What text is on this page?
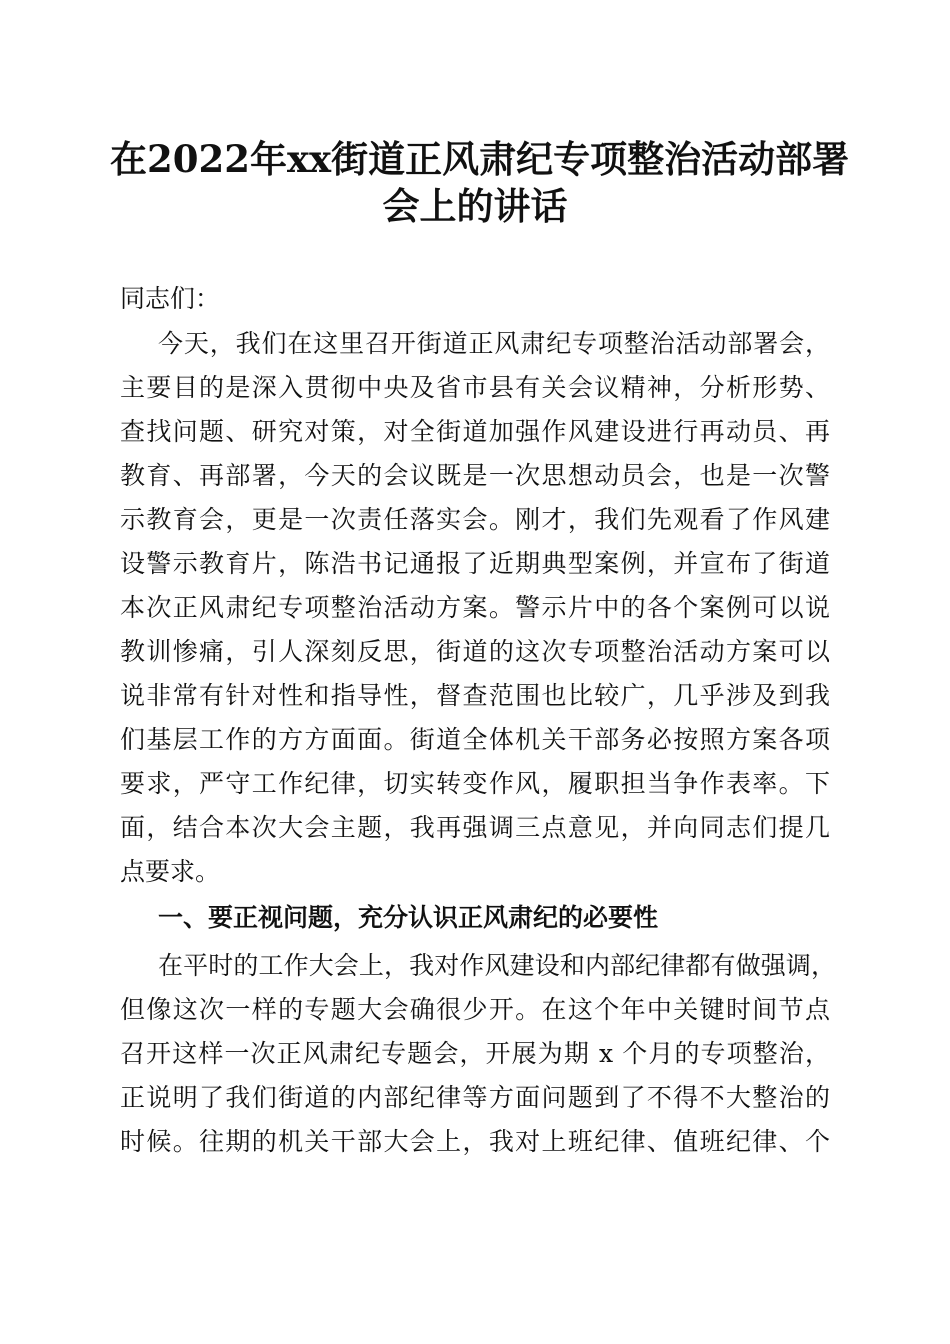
在2022年xx街道正风肃纪专项整治活动部署
会上的讲话
同志们：
今天，我们在这里召开街道正风肃纪专项整治活动部署会，
主要目的是深入贯彻中央及省市县有关会议精神，分析形势、
查找问题、研究对策，对全街道加强作风建设进行再动员、再
教育、再部署，今天的会议既是一次思想动员会，也是一次警
示教育会，更是一次责任落实会。刚才，我们先观看了作风建
设警示教育片，陈浩书记通报了近期典型案例，并宣布了街道
本次正风肃纪专项整治活动方案。警示片中的各个案例可以说
教训惨痛，引人深刻反思，街道的这次专项整治活动方案可以
说非常有针对性和指导性，督查范围也比较广，几乎涉及到我
们基层工作的方方面面。街道全体机关干部务必按照方案各项
要求，严守工作纪律，切实转变作风，履职担当争作表率。下
面，结合本次大会主题，我再强调三点意见，并向同志们提几
点要求。
一、要正视问题，充分认识正风肃纪的必要性
在平时的工作大会上，我对作风建设和内部纪律都有做强调，
但像这次一样的专题大会确很少开。在这个年中关键时间节点
召开这样一次正风肃纪专题会，开展为期 x 个月的专项整治，
正说明了我们街道的内部纪律等方面问题到了不得不大整治的
时候。往期的机关干部大会上，我对上班纪律、值班纪律、个
